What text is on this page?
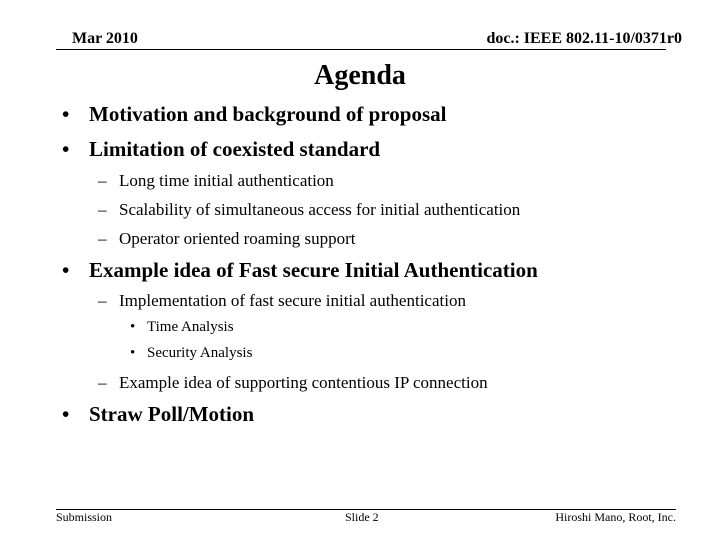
Mar 2010	doc.: IEEE 802.11-10/0371r0
Agenda
• Motivation and background of proposal
• Limitation of coexisted standard
– Long time initial authentication
– Scalability of simultaneous access for initial authentication
– Operator oriented roaming support
• Example idea of Fast secure Initial Authentication
– Implementation of fast secure initial authentication
• Time Analysis
• Security Analysis
– Example idea of supporting contentious IP connection
• Straw Poll/Motion
Submission	Slide 2	Hiroshi Mano, Root, Inc.
